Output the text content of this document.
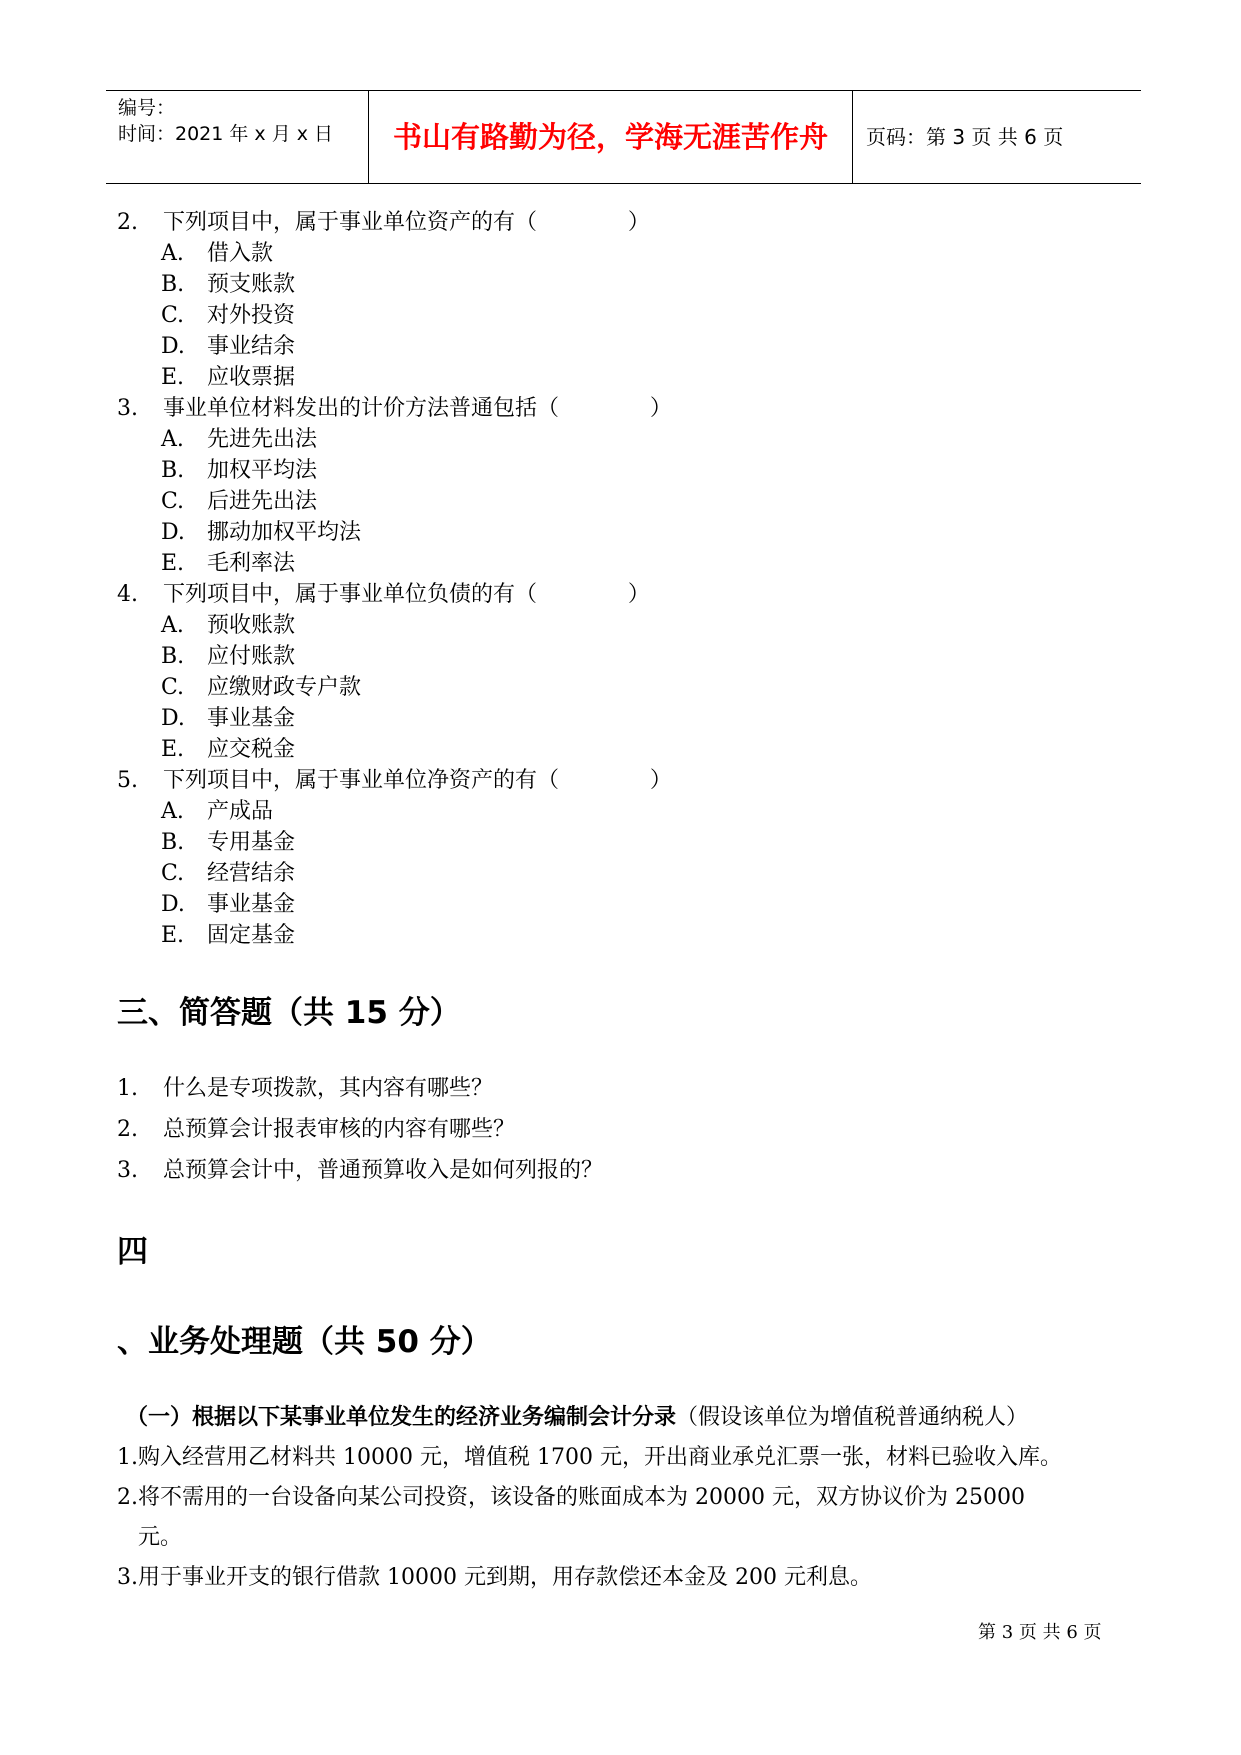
编号：
时间：2021 年 x 月 x 日	书山有路勤为径，学海无涯苦作舟	页码：第 3 页 共 6 页
2. 下列项目中，属于事业单位资产的有（             ）
A. 借入款
B. 预支账款
C. 对外投资
D. 事业结余
E. 应收票据
3. 事业单位材料发出的计价方法普通包括（             ）
A. 先进先出法
B. 加权平均法
C. 后进先出法
D. 挪动加权平均法
E. 毛利率法
4. 下列项目中，属于事业单位负债的有（             ）
A. 预收账款
B. 应付账款
C. 应缴财政专户款
D. 事业基金
E. 应交税金
5. 下列项目中，属于事业单位净资产的有（             ）
A. 产成品
B. 专用基金
C. 经营结余
D. 事业基金
E. 固定基金
三、简答题（共 15 分）
1. 什么是专项拨款，其内容有哪些？
2. 总预算会计报表审核的内容有哪些？
3. 总预算会计中，普通预算收入是如何列报的？
四
、业务处理题（共 50 分）
（一）根据以下某事业单位发生的经济业务编制会计分录（假设该单位为增值税普通纳税人）
1.购入经营用乙材料共 10000 元，增值税 1700 元，开出商业承兑汇票一张，材料已验收入库。
2.将不需用的一台设备向某公司投资，该设备的账面成本为 20000 元，双方协议价为 25000
元。
3.用于事业开支的银行借款 10000 元到期，用存款偿还本金及 200 元利息。
第 3 页 共 6 页
